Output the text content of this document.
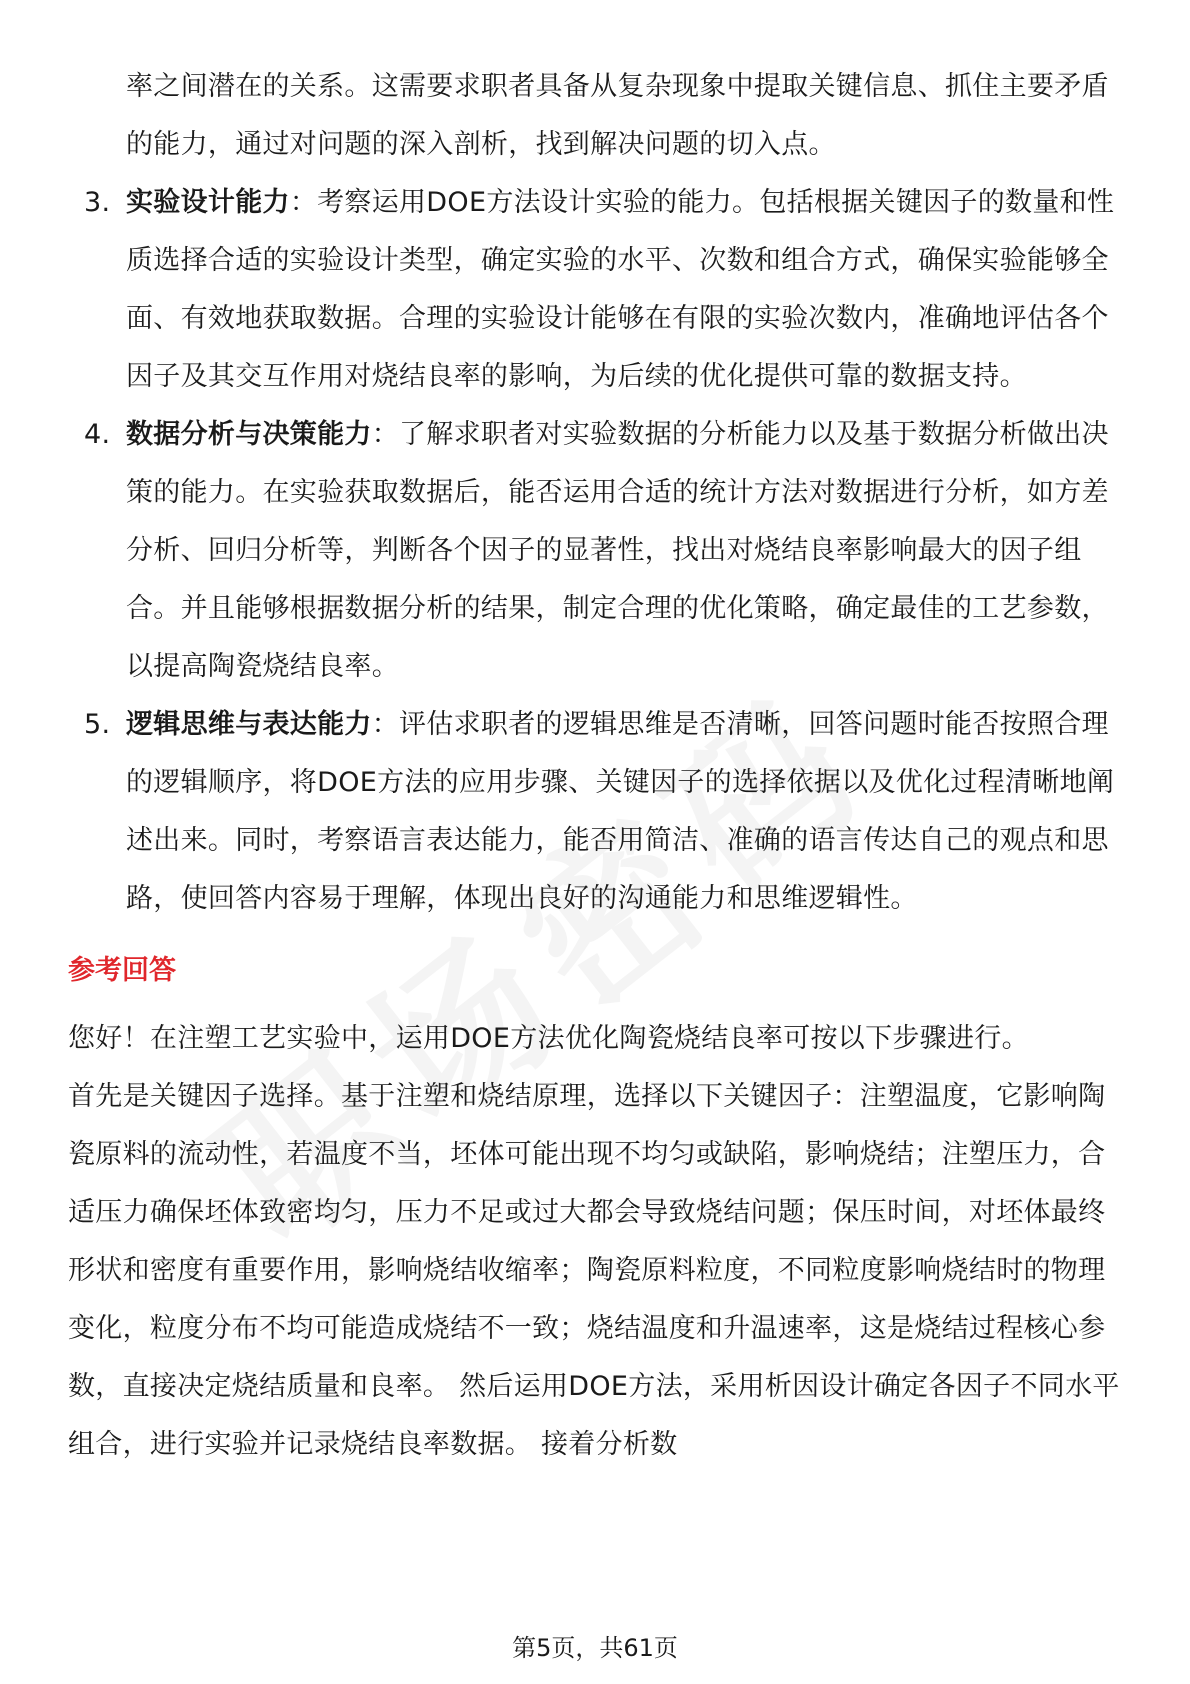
率之间潜在的关系。这需要求职者具备从复杂现象中提取关键信息、抓住主要矛盾的能力，通过对问题的深入剖析，找到解决问题的切入点。

3. 实验设计能力：考察运用DOE方法设计实验的能力。包括根据关键因子的数量和性质选择合适的实验设计类型，确定实验的水平、次数和组合方式，确保实验能够全面、有效地获取数据。合理的实验设计能够在有限的实验次数内，准确地评估各个因子及其交互作用对烧结良率的影响，为后续的优化提供可靠的数据支持。

4. 数据分析与决策能力：了解求职者对实验数据的分析能力以及基于数据分析做出决策的能力。在实验获取数据后，能否运用合适的统计方法对数据进行分析，如方差分析、回归分析等，判断各个因子的显著性，找出对烧结良率影响最大的因子组合。并且能够根据数据分析的结果，制定合理的优化策略，确定最佳的工艺参数，以提高陶瓷烧结良率。

5. 逻辑思维与表达能力：评估求职者的逻辑思维是否清晰，回答问题时能否按照合理的逻辑顺序，将DOE方法的应用步骤、关键因子的选择依据以及优化过程清晰地阐述出来。同时，考察语言表达能力，能否用简洁、准确的语言传达自己的观点和思路，使回答内容易于理解，体现出良好的沟通能力和思维逻辑性。

参考回答

您好！在注塑工艺实验中，运用DOE方法优化陶瓷烧结良率可按以下步骤进行。

首先是关键因子选择。基于注塑和烧结原理，选择以下关键因子：注塑温度，它影响陶瓷原料的流动性，若温度不当，坯体可能出现不均匀或缺陷，影响烧结；注塑压力，合适压力确保坯体致密均匀，压力不足或过大都会导致烧结问题；保压时间，对坯体最终形状和密度有重要作用，影响烧结收缩率；陶瓷原料粒度，不同粒度影响烧结时的物理变化，粒度分布不均可能造成烧结不一致；烧结温度和升温速率，这是烧结过程核心参数，直接决定烧结质量和良率。 然后运用DOE方法，采用析因设计确定各因子不同水平组合，进行实验并记录烧结良率数据。 接着分析数

第5页，共61页
